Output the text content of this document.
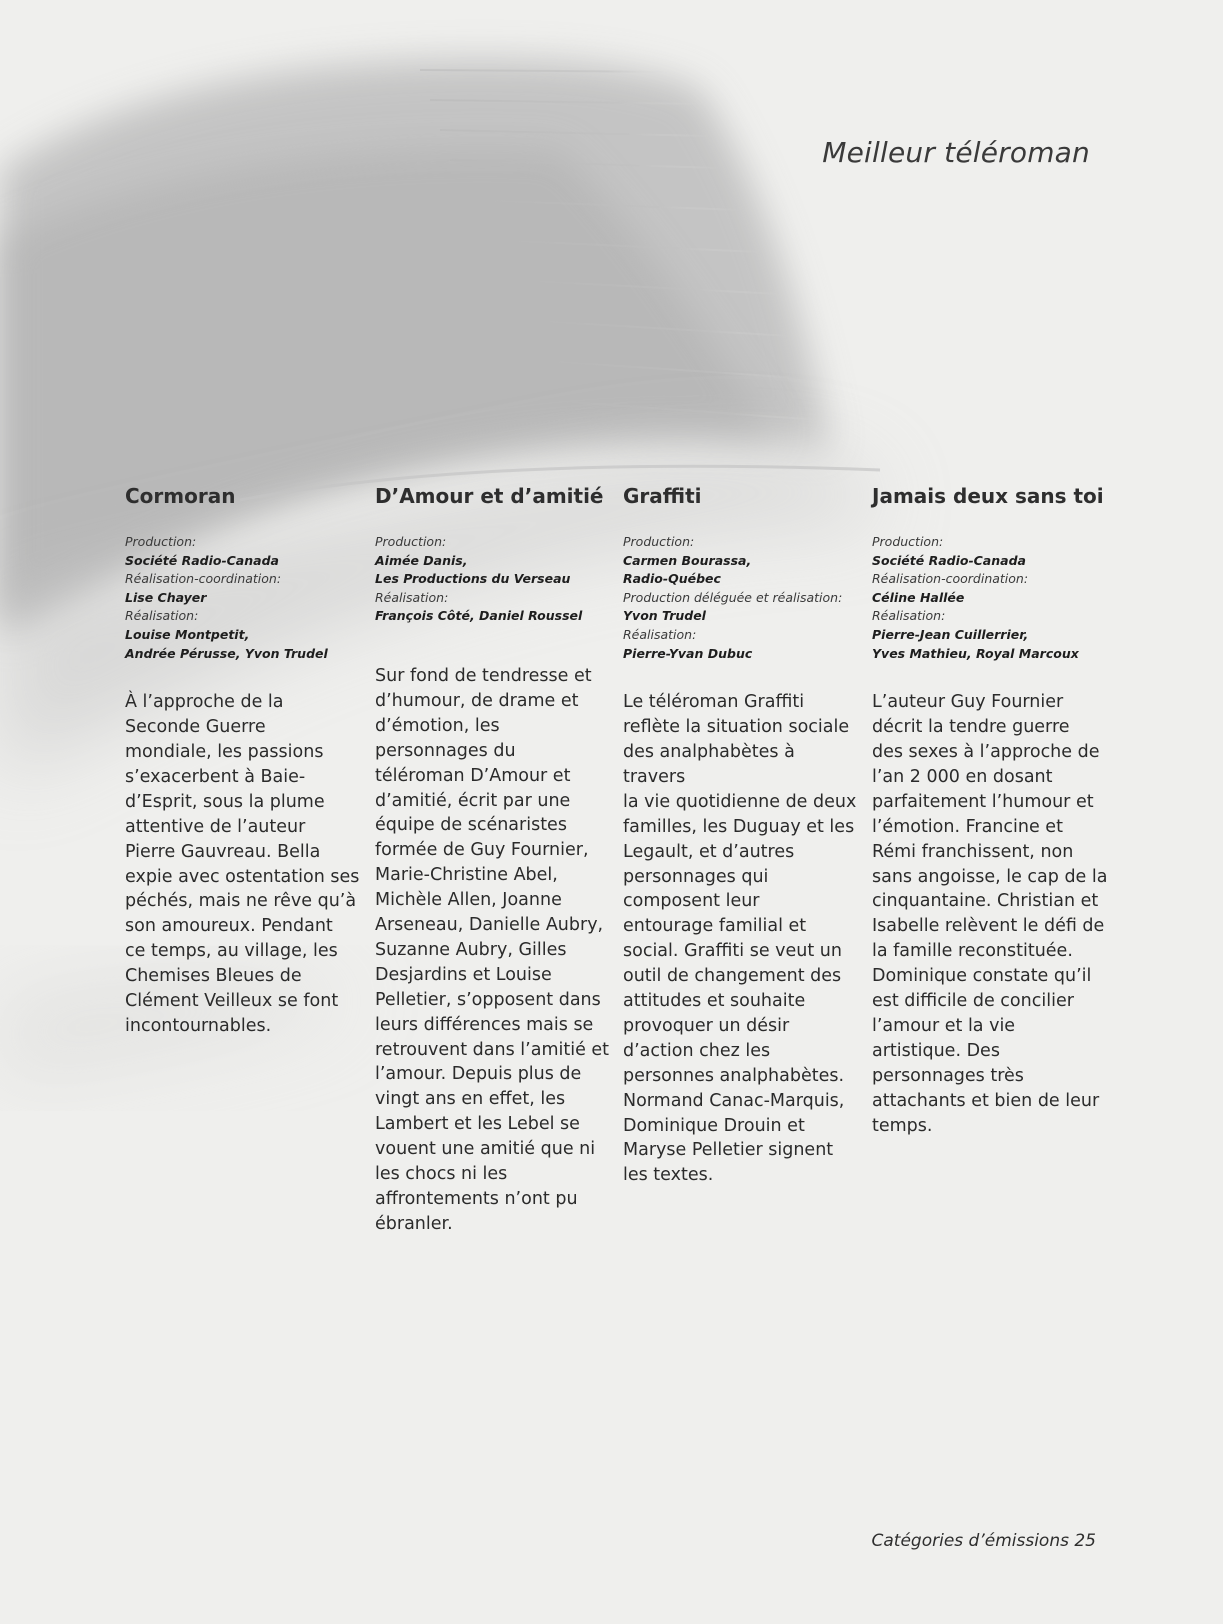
Meilleur téléroman
Cormoran
Production:
Société Radio-Canada
Réalisation-coordination:
Lise Chayer
Réalisation:
Louise Montpetit,
Andrée Pérusse, Yvon Trudel
À l’approche de la
Seconde Guerre
mondiale, les passions
s’exacerbent à Baie-
d’Esprit, sous la plume
attentive de l’auteur
Pierre Gauvreau. Bella
expie avec ostentation ses
péchés, mais ne rêve qu’à
son amoureux. Pendant
ce temps, au village, les
Chemises Bleues de
Clément Veilleux se font
incontournables.
D’Amour et d’amitié
Production:
Aimée Danis,
Les Productions du Verseau
Réalisation:
François Côté, Daniel Roussel
Sur fond de tendresse et
d’humour, de drame et
d’émotion, les
personnages du
téléroman D’Amour et
d’amitié, écrit par une
équipe de scénaristes
formée de Guy Fournier,
Marie-Christine Abel,
Michèle Allen, Joanne
Arseneau, Danielle Aubry,
Suzanne Aubry, Gilles
Desjardins et Louise
Pelletier, s’opposent dans
leurs différences mais se
retrouvent dans l’amitié et
l’amour. Depuis plus de
vingt ans en effet, les
Lambert et les Lebel se
vouent une amitié que ni
les chocs ni les
affrontements n’ont pu
ébranler.
Graffiti
Production:
Carmen Bourassa,
Radio-Québec
Production déléguée et réalisation:
Yvon Trudel
Réalisation:
Pierre-Yvan Dubuc
Le téléroman Graffiti
reflète la situation sociale
des analphabètes à travers
la vie quotidienne de deux
familles, les Duguay et les
Legault, et d’autres
personnages qui
composent leur
entourage familial et
social. Graffiti se veut un
outil de changement des
attitudes et souhaite
provoquer un désir
d’action chez les
personnes analphabètes.
Normand Canac-Marquis,
Dominique Drouin et
Maryse Pelletier signent
les textes.
Jamais deux sans toi
Production:
Société Radio-Canada
Réalisation-coordination:
Céline Hallée
Réalisation:
Pierre-Jean Cuillerrier,
Yves Mathieu, Royal Marcoux
L’auteur Guy Fournier
décrit la tendre guerre
des sexes à l’approche de
l’an 2 000 en dosant
parfaitement l’humour et
l’émotion. Francine et
Rémi franchissent, non
sans angoisse, le cap de la
cinquantaine. Christian et
Isabelle relèvent le défi de
la famille reconstituée.
Dominique constate qu’il
est difficile de concilier
l’amour et la vie
artistique. Des
personnages très
attachants et bien de leur
temps.
Catégories d’émissions 25
